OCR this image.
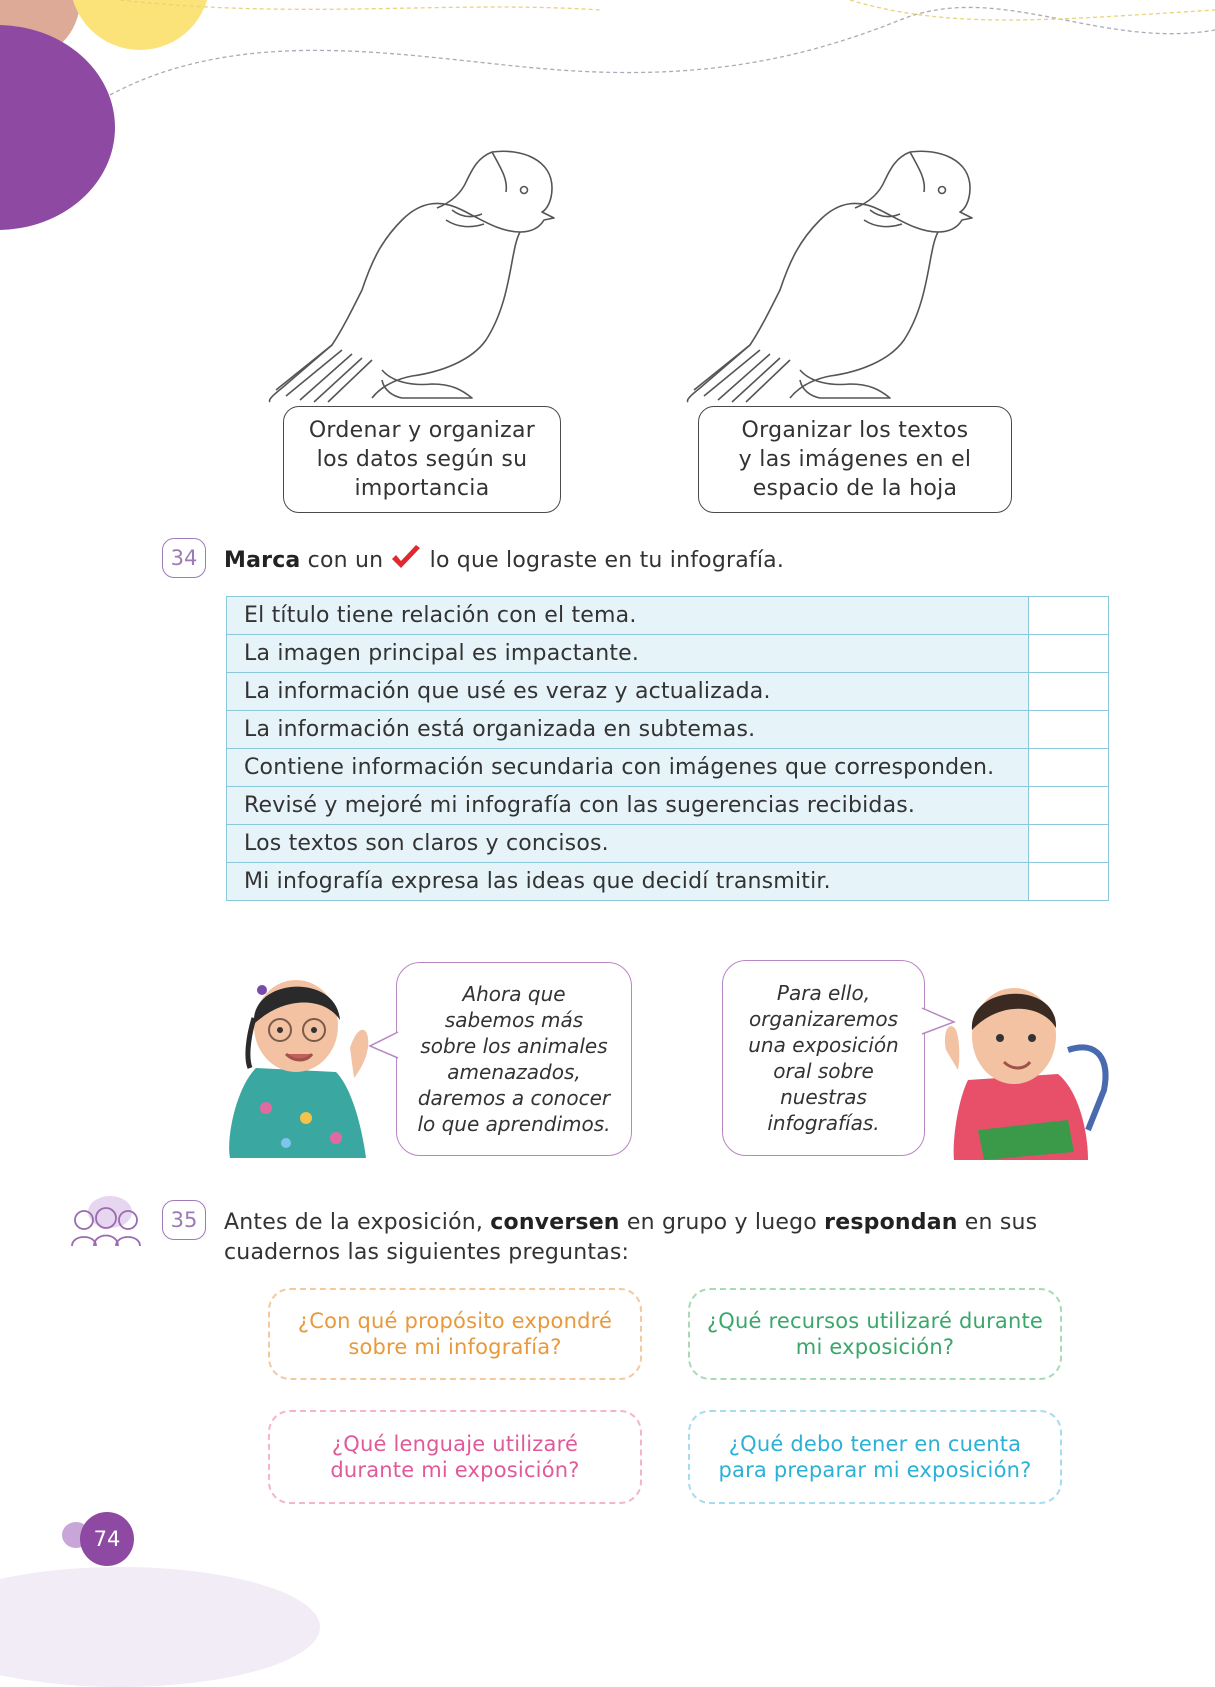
Ordenar y organizar
los datos según su
importancia
Organizar los textos
y las imágenes en el
espacio de la hoja
34	Marca con un  lo que lograste en tu infografía.
El título tiene relación con el tema.	
La imagen principal es impactante.	
La información que usé es veraz y actualizada.	
La información está organizada en subtemas.	
Contiene información secundaria con imágenes que corresponden.	
Revisé y mejoré mi infografía con las sugerencias recibidas.	
Los textos son claros y concisos.	
Mi infografía expresa las ideas que decidí transmitir.	
Ahora que
sabemos más
sobre los animales
amenazados,
daremos a conocer
lo que aprendimos.
Para ello,
organizaremos
una exposición
oral sobre
nuestras
infografías.
35	Antes de la exposición, conversen en grupo y luego respondan en sus
cuadernos las siguientes preguntas:
¿Con qué propósito expondré
sobre mi infografía?
¿Qué recursos utilizaré durante
mi exposición?
¿Qué lenguaje utilizaré
durante mi exposición?
¿Qué debo tener en cuenta
para preparar mi exposición?
74
